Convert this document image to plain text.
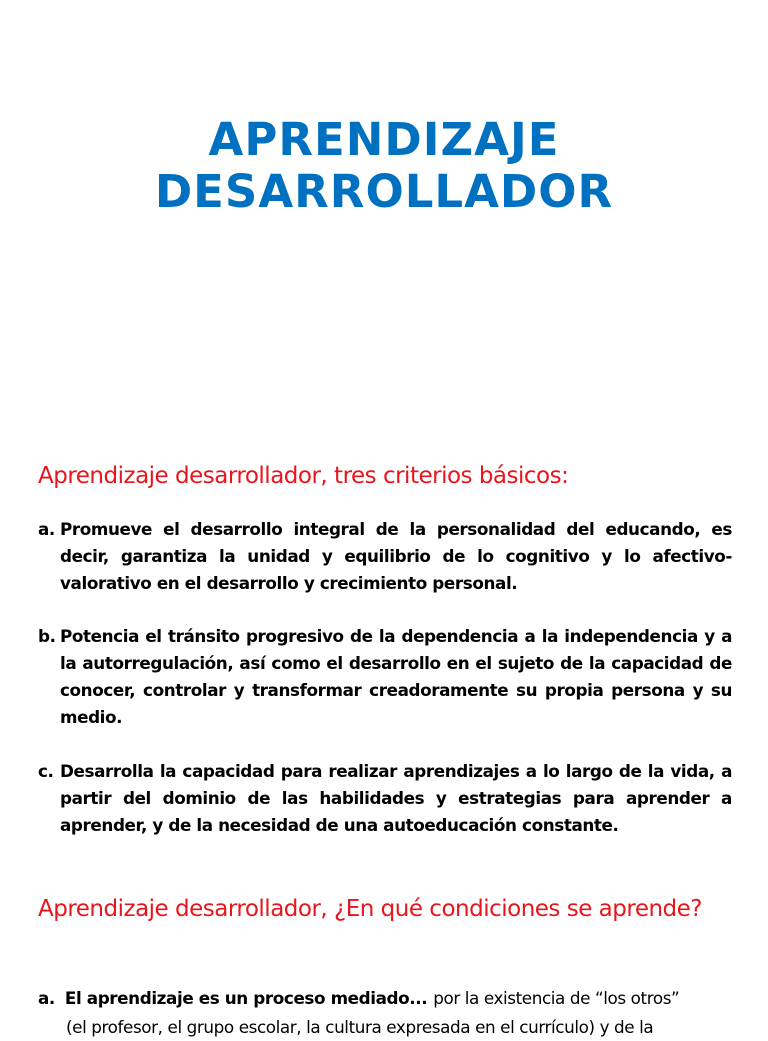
APRENDIZAJE
DESARROLLADOR
Aprendizaje desarrollador, tres criterios básicos:
a. Promueve el desarrollo integral de la personalidad del educando, es decir, garantiza la unidad y equilibrio de lo cognitivo y lo afectivo-valorativo en el desarrollo y crecimiento personal.
b. Potencia el tránsito progresivo de la dependencia a la independencia y a la autorregulación, así como el desarrollo en el sujeto de la capacidad de conocer, controlar y transformar creadoramente su propia persona y su medio.
c. Desarrolla la capacidad para realizar aprendizajes a lo largo de la vida, a partir del dominio de las habilidades y estrategias para aprender a aprender, y de la necesidad de una autoeducación constante.
Aprendizaje desarrollador, ¿En qué condiciones se aprende?
a. El aprendizaje es un proceso mediado... por la existencia de “los otros”
(el profesor, el grupo escolar, la cultura expresada en el currículo) y de la
